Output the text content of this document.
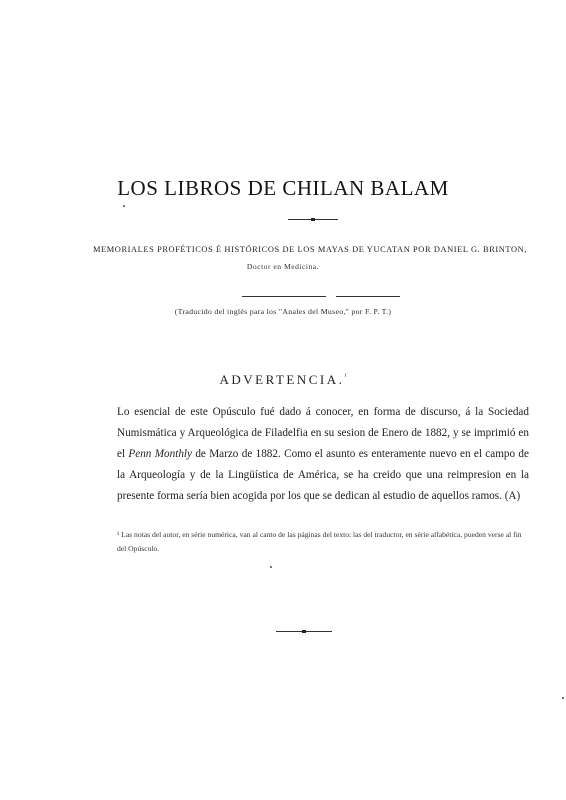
LOS LIBROS DE CHILAN BALAM
MEMORIALES PROFÉTICOS É HISTÓRICOS DE LOS MAYAS DE YUCATAN POR DANIEL G. BRINTON,
Doctor en Medicina.
(Traducido del inglés para los "Anales del Museo," por F. P. T.)
ADVERTENCIA.$^{^1}$
Lo esencial de este Opúsculo fué dado á conocer, en forma de discurso, á la Sociedad Numismática y Arqueológica de Filadelfia en su sesion de Enero de 1882, y se imprimió en el Penn Monthly de Marzo de 1882. Como el asunto es enteramente nuevo en el campo de la Arqueología y de la Lingüística de América, se ha creido que una reimpresion en la presente forma sería bien acogida por los que se dedican al estudio de aquellos ramos. (A)
¹ Las notas del autor, en série numérica, van al canto de las páginas del texto: las del traductor, en série alfabética, pueden verse al fin del Opúsculo.
